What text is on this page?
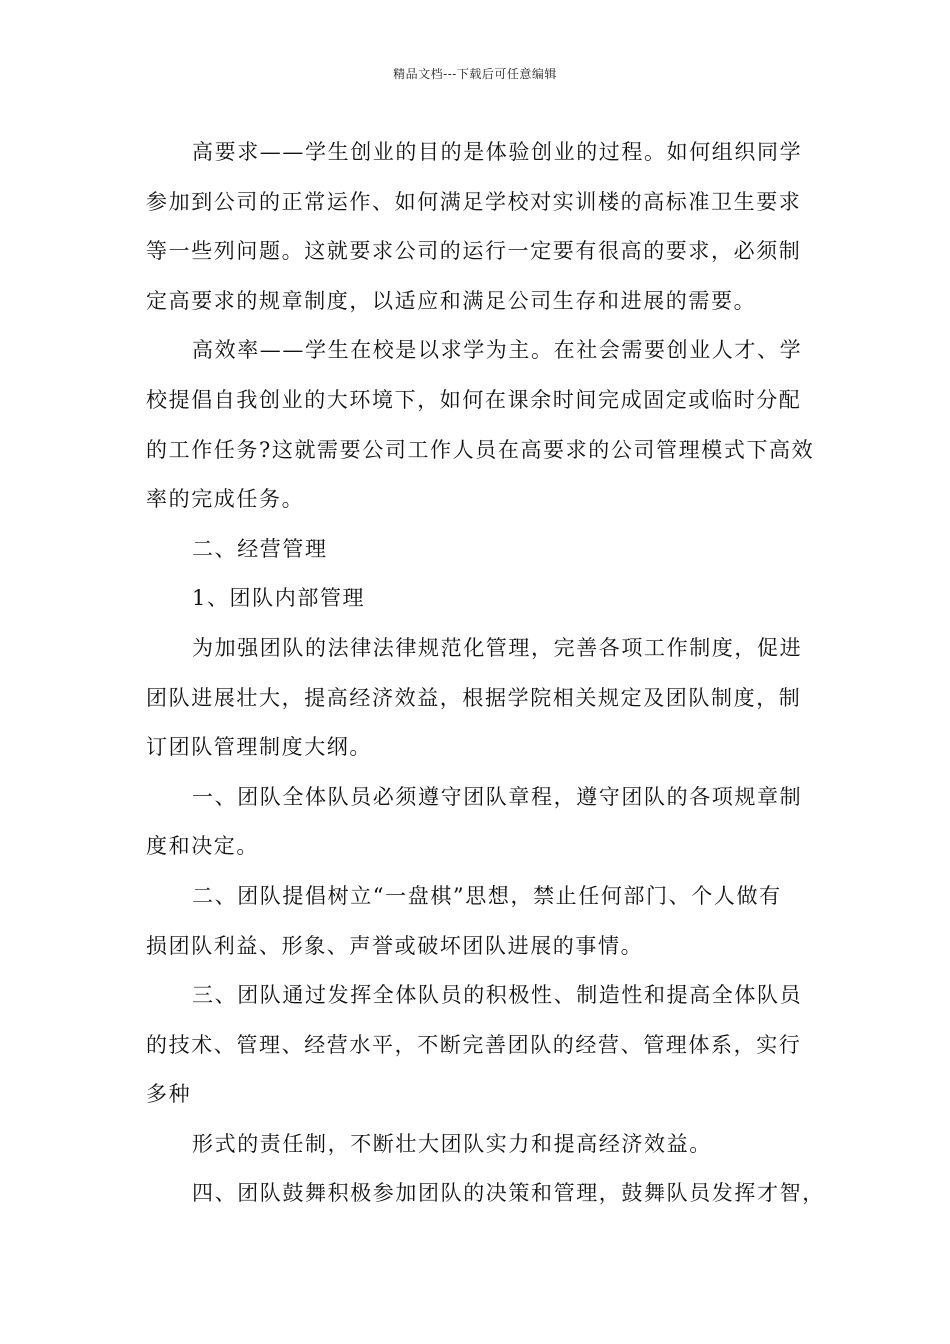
精品文档---下载后可任意编辑

高要求——学生创业的目的是体验创业的过程。如何组织同学

参加到公司的正常运作、如何满足学校对实训楼的高标准卫生要求

等一些列问题。这就要求公司的运行一定要有很高的要求，必须制

定高要求的规章制度，以适应和满足公司生存和进展的需要。

高效率——学生在校是以求学为主。在社会需要创业人才、学

校提倡自我创业的大环境下，如何在课余时间完成固定或临时分配

的工作任务?这就需要公司工作人员在高要求的公司管理模式下高效

率的完成任务。

二、经营管理

1、团队内部管理

为加强团队的法律法律规范化管理，完善各项工作制度，促进

团队进展壮大，提高经济效益，根据学院相关规定及团队制度，制

订团队管理制度大纲。

一、团队全体队员必须遵守团队章程，遵守团队的各项规章制

度和决定。

二、团队提倡树立“一盘棋”思想，禁止任何部门、个人做有

损团队利益、形象、声誉或破坏团队进展的事情。

三、团队通过发挥全体队员的积极性、制造性和提高全体队员

的技术、管理、经营水平，不断完善团队的经营、管理体系，实行

多种

形式的责任制，不断壮大团队实力和提高经济效益。

四、团队鼓舞积极参加团队的决策和管理，鼓舞队员发挥才智，
